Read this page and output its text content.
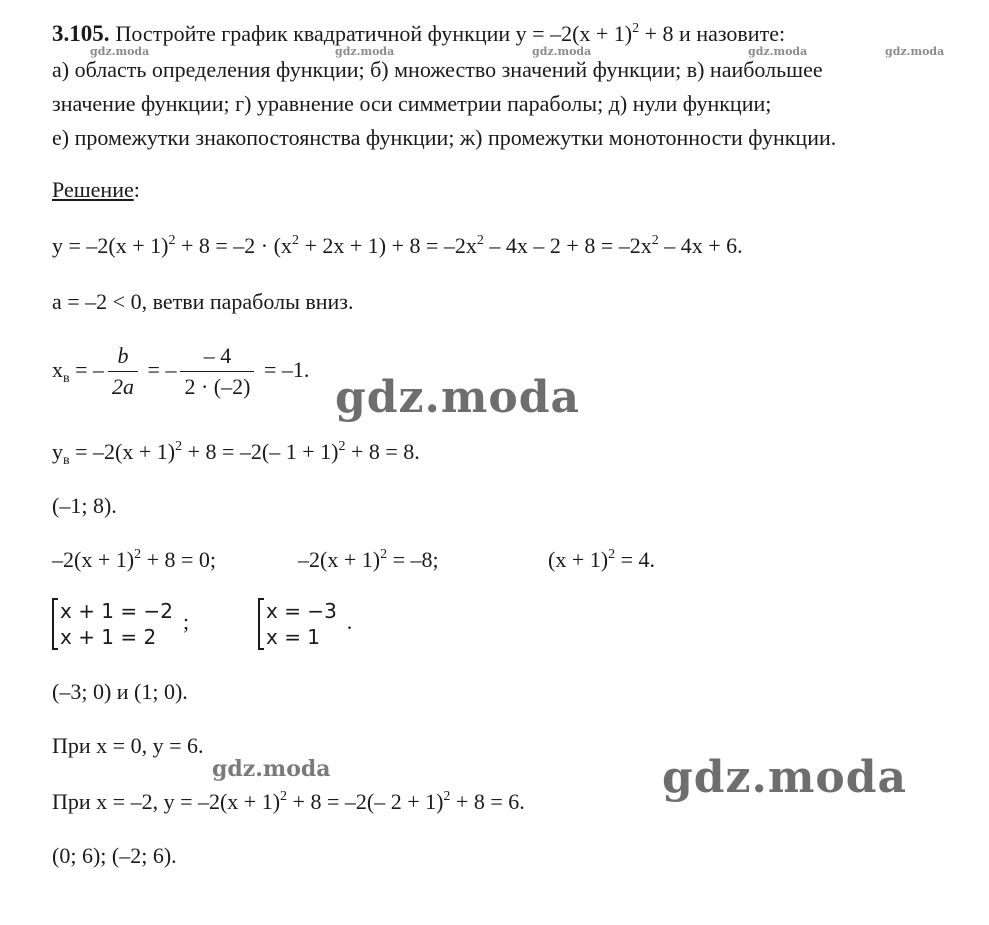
gdz.moda	gdz.moda	gdz.moda	gdz.moda	gdz.moda
3.105. Постройте график квадратичной функции $y = -2(x + 1)^2 + 8$ и назовите:
а) область определения функции; б) множество значений функции; в) наибольшее
значение функции; г) уравнение оси симметрии параболы; д) нули функции;
е) промежутки знакопостоянства функции; ж) промежутки монотонности функции.
Решение:
$y = -2(x + 1)^2 + 8 = -2 \cdot (x^2 + 2x + 1) + 8 = -2x^2 - 4x - 2 + 8 = -2x^2 - 4x + 6$.
a = –2 < 0, ветви параболы вниз.
$x_в$ = – $\frac{b}{2a}$ = – $\frac{- 4}{2 \cdot (-2)} = -1$.
gdz.moda
$y_в = -2(x + 1)^2 + 8 = -2(-$ 1 + 1)$^2$ + 8 = 8.
(–1; 8).
$-2(x + 1)^2 + 8 = 0$;	$-2(x + 1)^2 = -8$;	$(x + 1)^2 = 4$.
x + 1 = −2
x + 1 = 2
;	x = −3
x = 1
.
(–3; 0) и (1; 0).
При x = 0, y = 6.
gdz.moda	gdz.moda
При x = –2, $y = -2(x + 1)^2 + 8 = -2(-$ 2 + 1)$^2$ + 8 = 6.
(0; 6); (–2; 6).
